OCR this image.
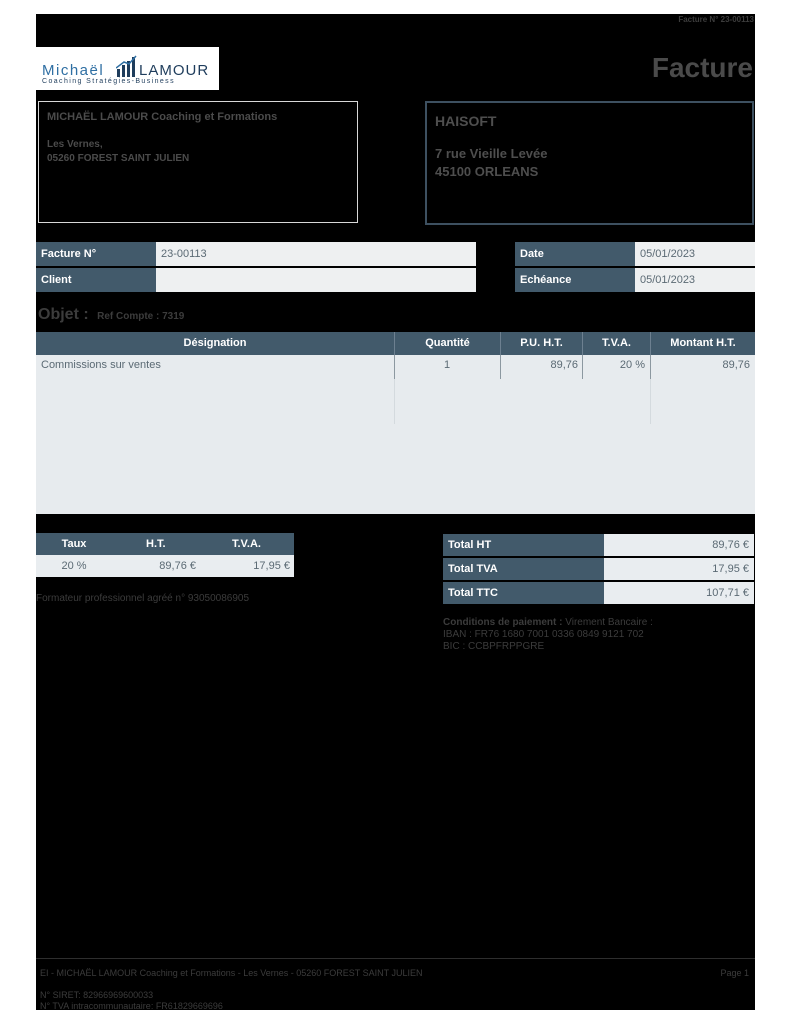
Facture N° 23-00113
Michaël LAMOUR
Coaching Stratégies-Business	Facture
MICHAËL LAMOUR Coaching et Formations
Les Vernes,
05260 FOREST SAINT JULIEN
HAISOFT
7 rue Vieille Levée
45100 ORLEANS
Facture N°	23-00113
Client
Date	05/01/2023
Echéance	05/01/2023
Objet : Ref Compte : 7319
Désignation	Quantité	P.U. H.T.	T.V.A.	Montant H.T.
Commissions sur ventes	1	89,76	20 %	89,76
Taux	H.T.	T.V.A.
20 %	89,76 €	17,95 €
Formateur professionnel agréé n° 93050086905
Total HT	89,76 €
Total TVA	17,95 €
Total TTC	107,71 €
Conditions de paiement : Virement Bancaire :
IBAN : FR76 1680 7001 0336 0849 9121 702
BIC : CCBPFRPPGRE
EI - MICHAËL LAMOUR Coaching et Formations - Les Vernes - 05260 FOREST SAINT JULIEN	Page 1
N° SIRET: 82966969600033
N° TVA intracommunautaire: FR61829669696
